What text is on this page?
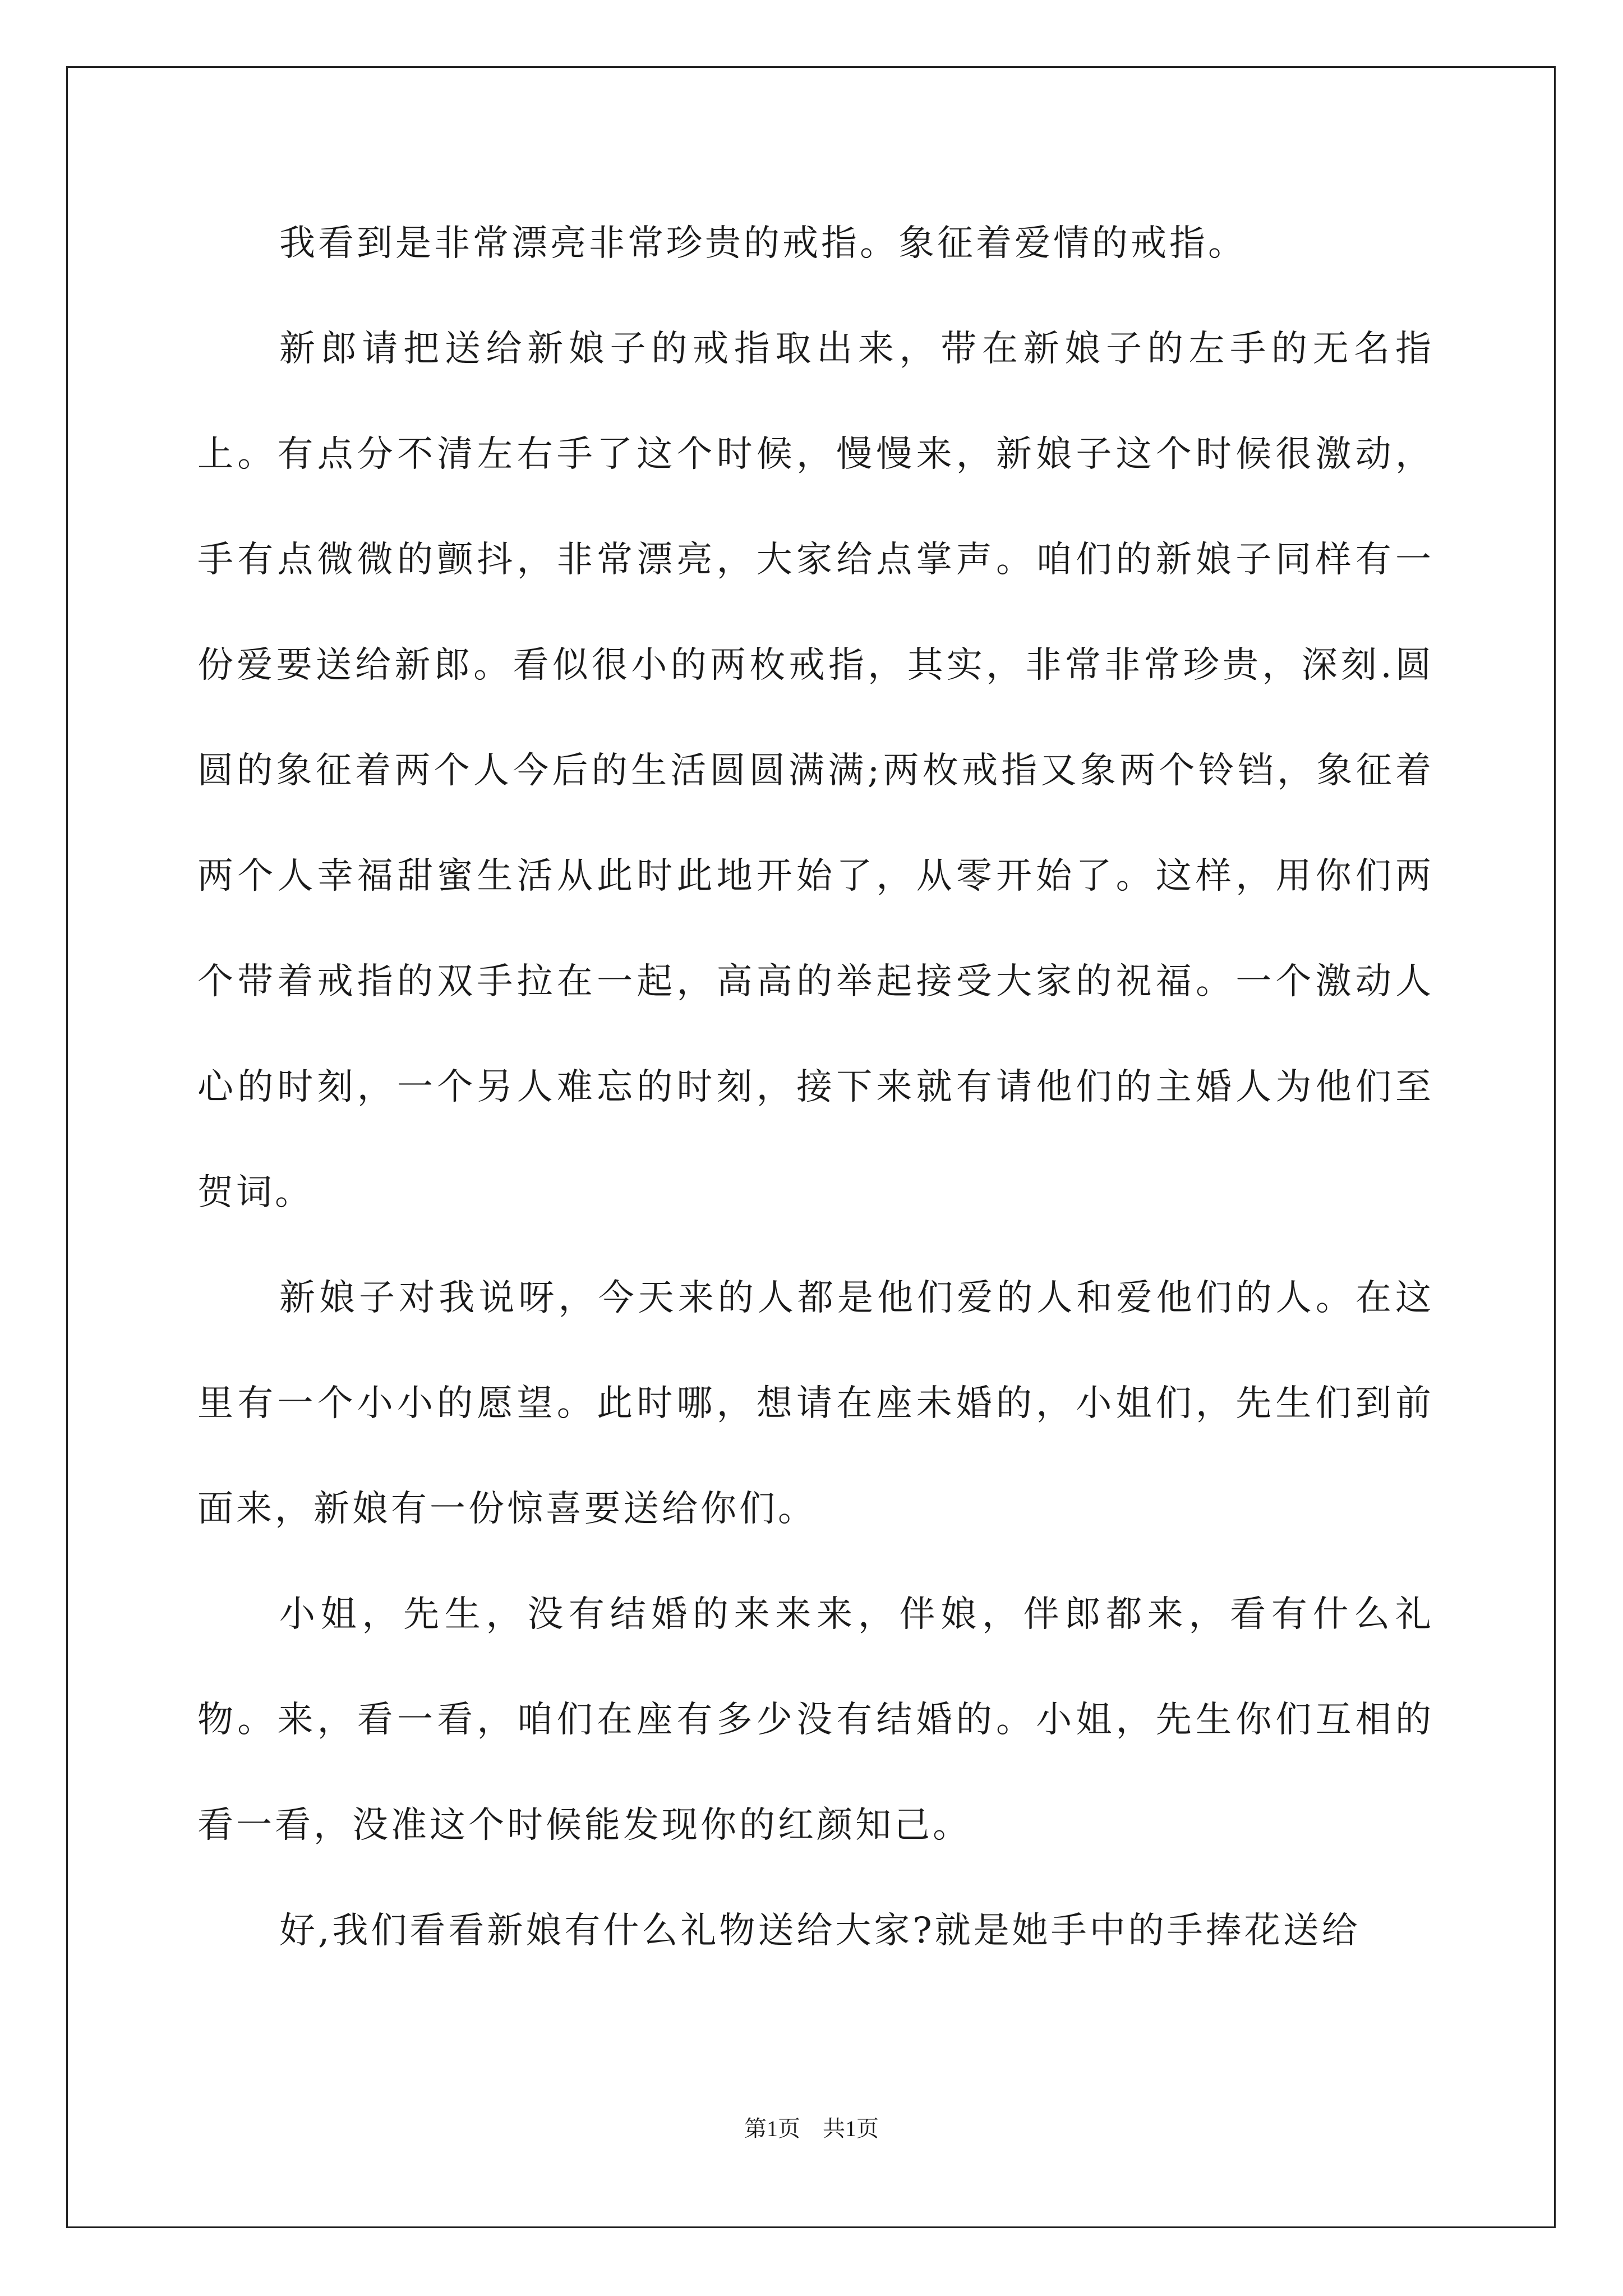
我看到是非常漂亮非常珍贵的戒指。象征着爱情的戒指。

新郎请把送给新娘子的戒指取出来，带在新娘子的左手的无名指上。有点分不清左右手了这个时候，慢慢来，新娘子这个时候很激动，手有点微微的颤抖，非常漂亮，大家给点掌声。咱们的新娘子同样有一份爱要送给新郎。看似很小的两枚戒指，其实，非常非常珍贵，深刻.圆圆的象征着两个人今后的生活圆圆满满;两枚戒指又象两个铃铛，象征着两个人幸福甜蜜生活从此时此地开始了，从零开始了。这样，用你们两个带着戒指的双手拉在一起，高高的举起接受大家的祝福。一个激动人心的时刻，一个另人难忘的时刻，接下来就有请他们的主婚人为他们至贺词。

新娘子对我说呀，今天来的人都是他们爱的人和爱他们的人。在这里有一个小小的愿望。此时哪，想请在座未婚的，小姐们，先生们到前面来，新娘有一份惊喜要送给你们。

小姐，先生，没有结婚的来来来，伴娘，伴郎都来，看有什么礼物。来，看一看，咱们在座有多少没有结婚的。小姐，先生你们互相的看一看，没准这个时候能发现你的红颜知己。

好,我们看看新娘有什么礼物送给大家?就是她手中的手捧花送给

第1页　共1页
